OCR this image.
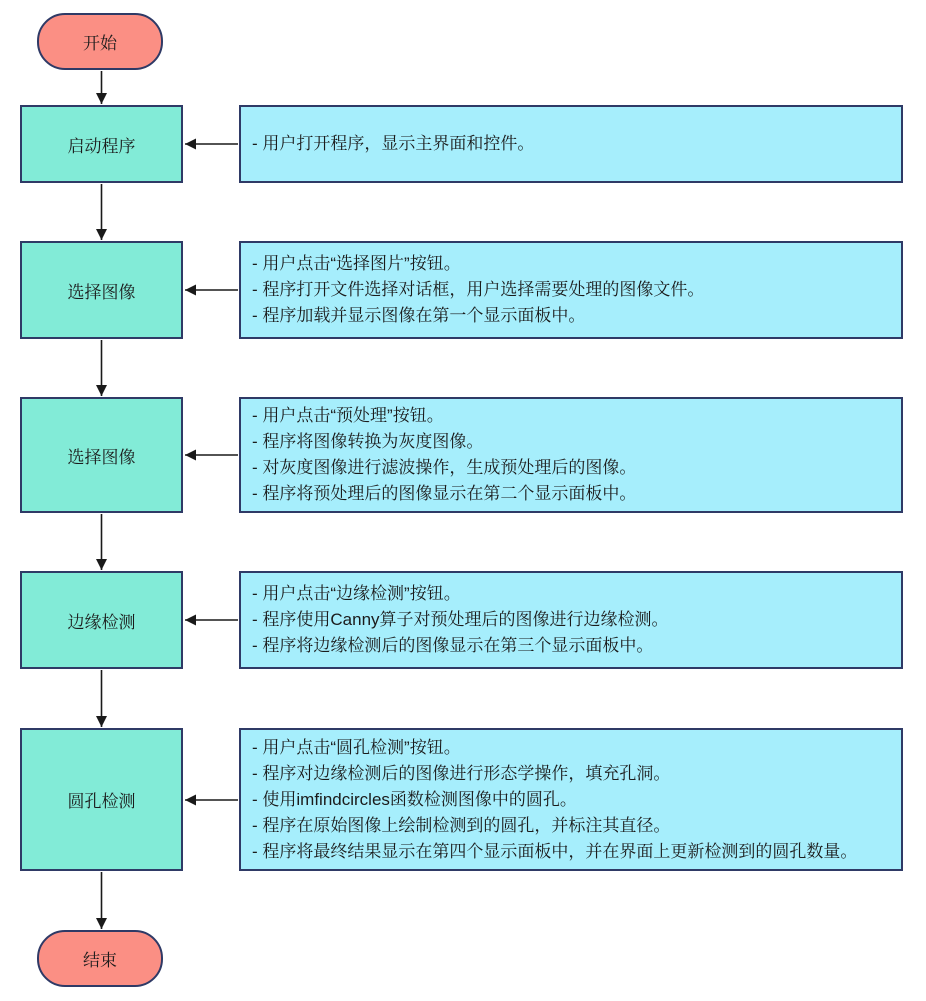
开始
启动程序	- 用户打开程序，显示主界面和控件。
选择图像
- 用户点击“选择图片”按钮。
- 程序打开文件选择对话框，用户选择需要处理的图像文件。
- 程序加载并显示图像在第一个显示面板中。
选择图像
- 用户点击“预处理”按钮。
- 程序将图像转换为灰度图像。
- 对灰度图像进行滤波操作，生成预处理后的图像。
- 程序将预处理后的图像显示在第二个显示面板中。
边缘检测
- 用户点击“边缘检测”按钮。
- 程序使用Canny算子对预处理后的图像进行边缘检测。
- 程序将边缘检测后的图像显示在第三个显示面板中。
圆孔检测
- 用户点击“圆孔检测”按钮。
- 程序对边缘检测后的图像进行形态学操作，填充孔洞。
- 使用imfindcircles函数检测图像中的圆孔。
- 程序在原始图像上绘制检测到的圆孔，并标注其直径。
- 程序将最终结果显示在第四个显示面板中，并在界面上更新检测到的圆孔数量。
结束
